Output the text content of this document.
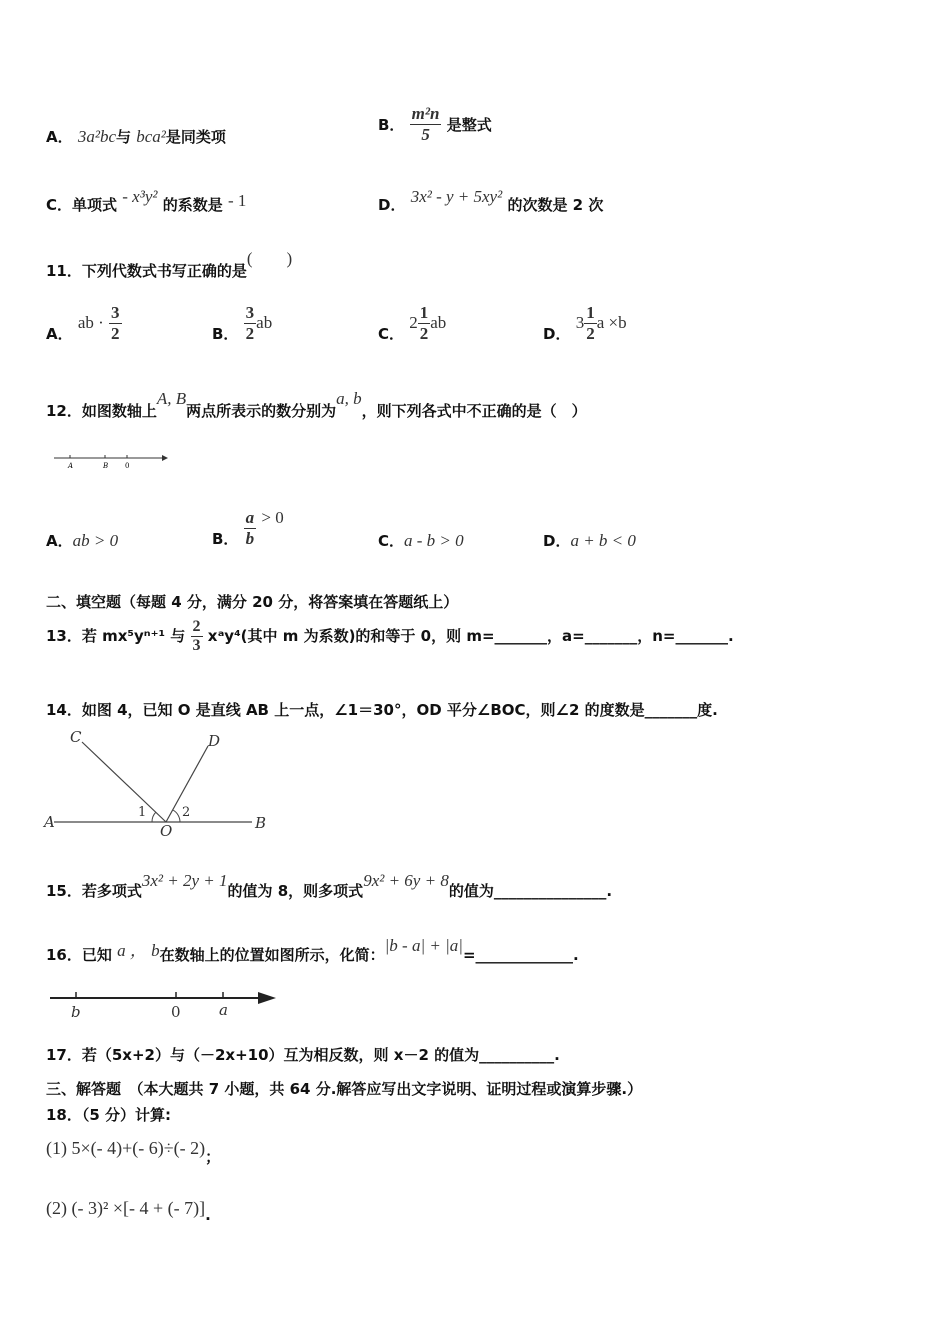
A． 3a²bc与 bca²是同类项
B． $\frac{\text{m²n}}{5}$ 是整式
C．单项式 - x³y² 的系数是 - 1	D． 3x² - y + 5xy² 的次数是 2 次
11．下列代数式书写正确的是(　　)
A． ab · $\frac{3}{2}$	B． $\frac{3}{2}$ ab
C． $2 \frac{1}{2}$ ab
D． $3 \frac{1}{2}$ a ×b
12．如图数轴上A, B两点所表示的数分别为a, b，则下列各式中不正确的是（　）
A	B 0
A．ab > 0	B． $\frac{a}{b} > 0$
C．a - b > 0	D．a + b < 0
二、填空题（每题 4 分，满分 20 分，将答案填在答题纸上）
13．若 mx⁵yⁿ⁺¹ 与 $\frac{2}{3}$ xᵃy⁴(其中 m 为系数)的和等于 0，则 m=_______，a=_______，n=_______.
14．如图 4，已知 O 是直线 AB 上一点，∠1＝30°，OD 平分∠BOC，则∠2 的度数是_______度.
C	D
A	B
O
1	2
15．若多项式3x² + 2y + 1的值为 8，则多项式9x² + 6y + 8的值为_______________.
16．已知 a ， b在数轴上的位置如图所示，化简：|b - a| + |a|=_____________.
b	0	a
17．若（5x+2）与（－2x+10）互为相反数，则 x－2 的值为__________.
三、解答题　（本大题共 7 小题，共 64 分.解答应写出文字说明、证明过程或演算步骤.）
18．（5 分）计算:
(1) 5×(- 4)+(- 6)÷(- 2)；
(2) (- 3)² ×[- 4 + (- 7)].
